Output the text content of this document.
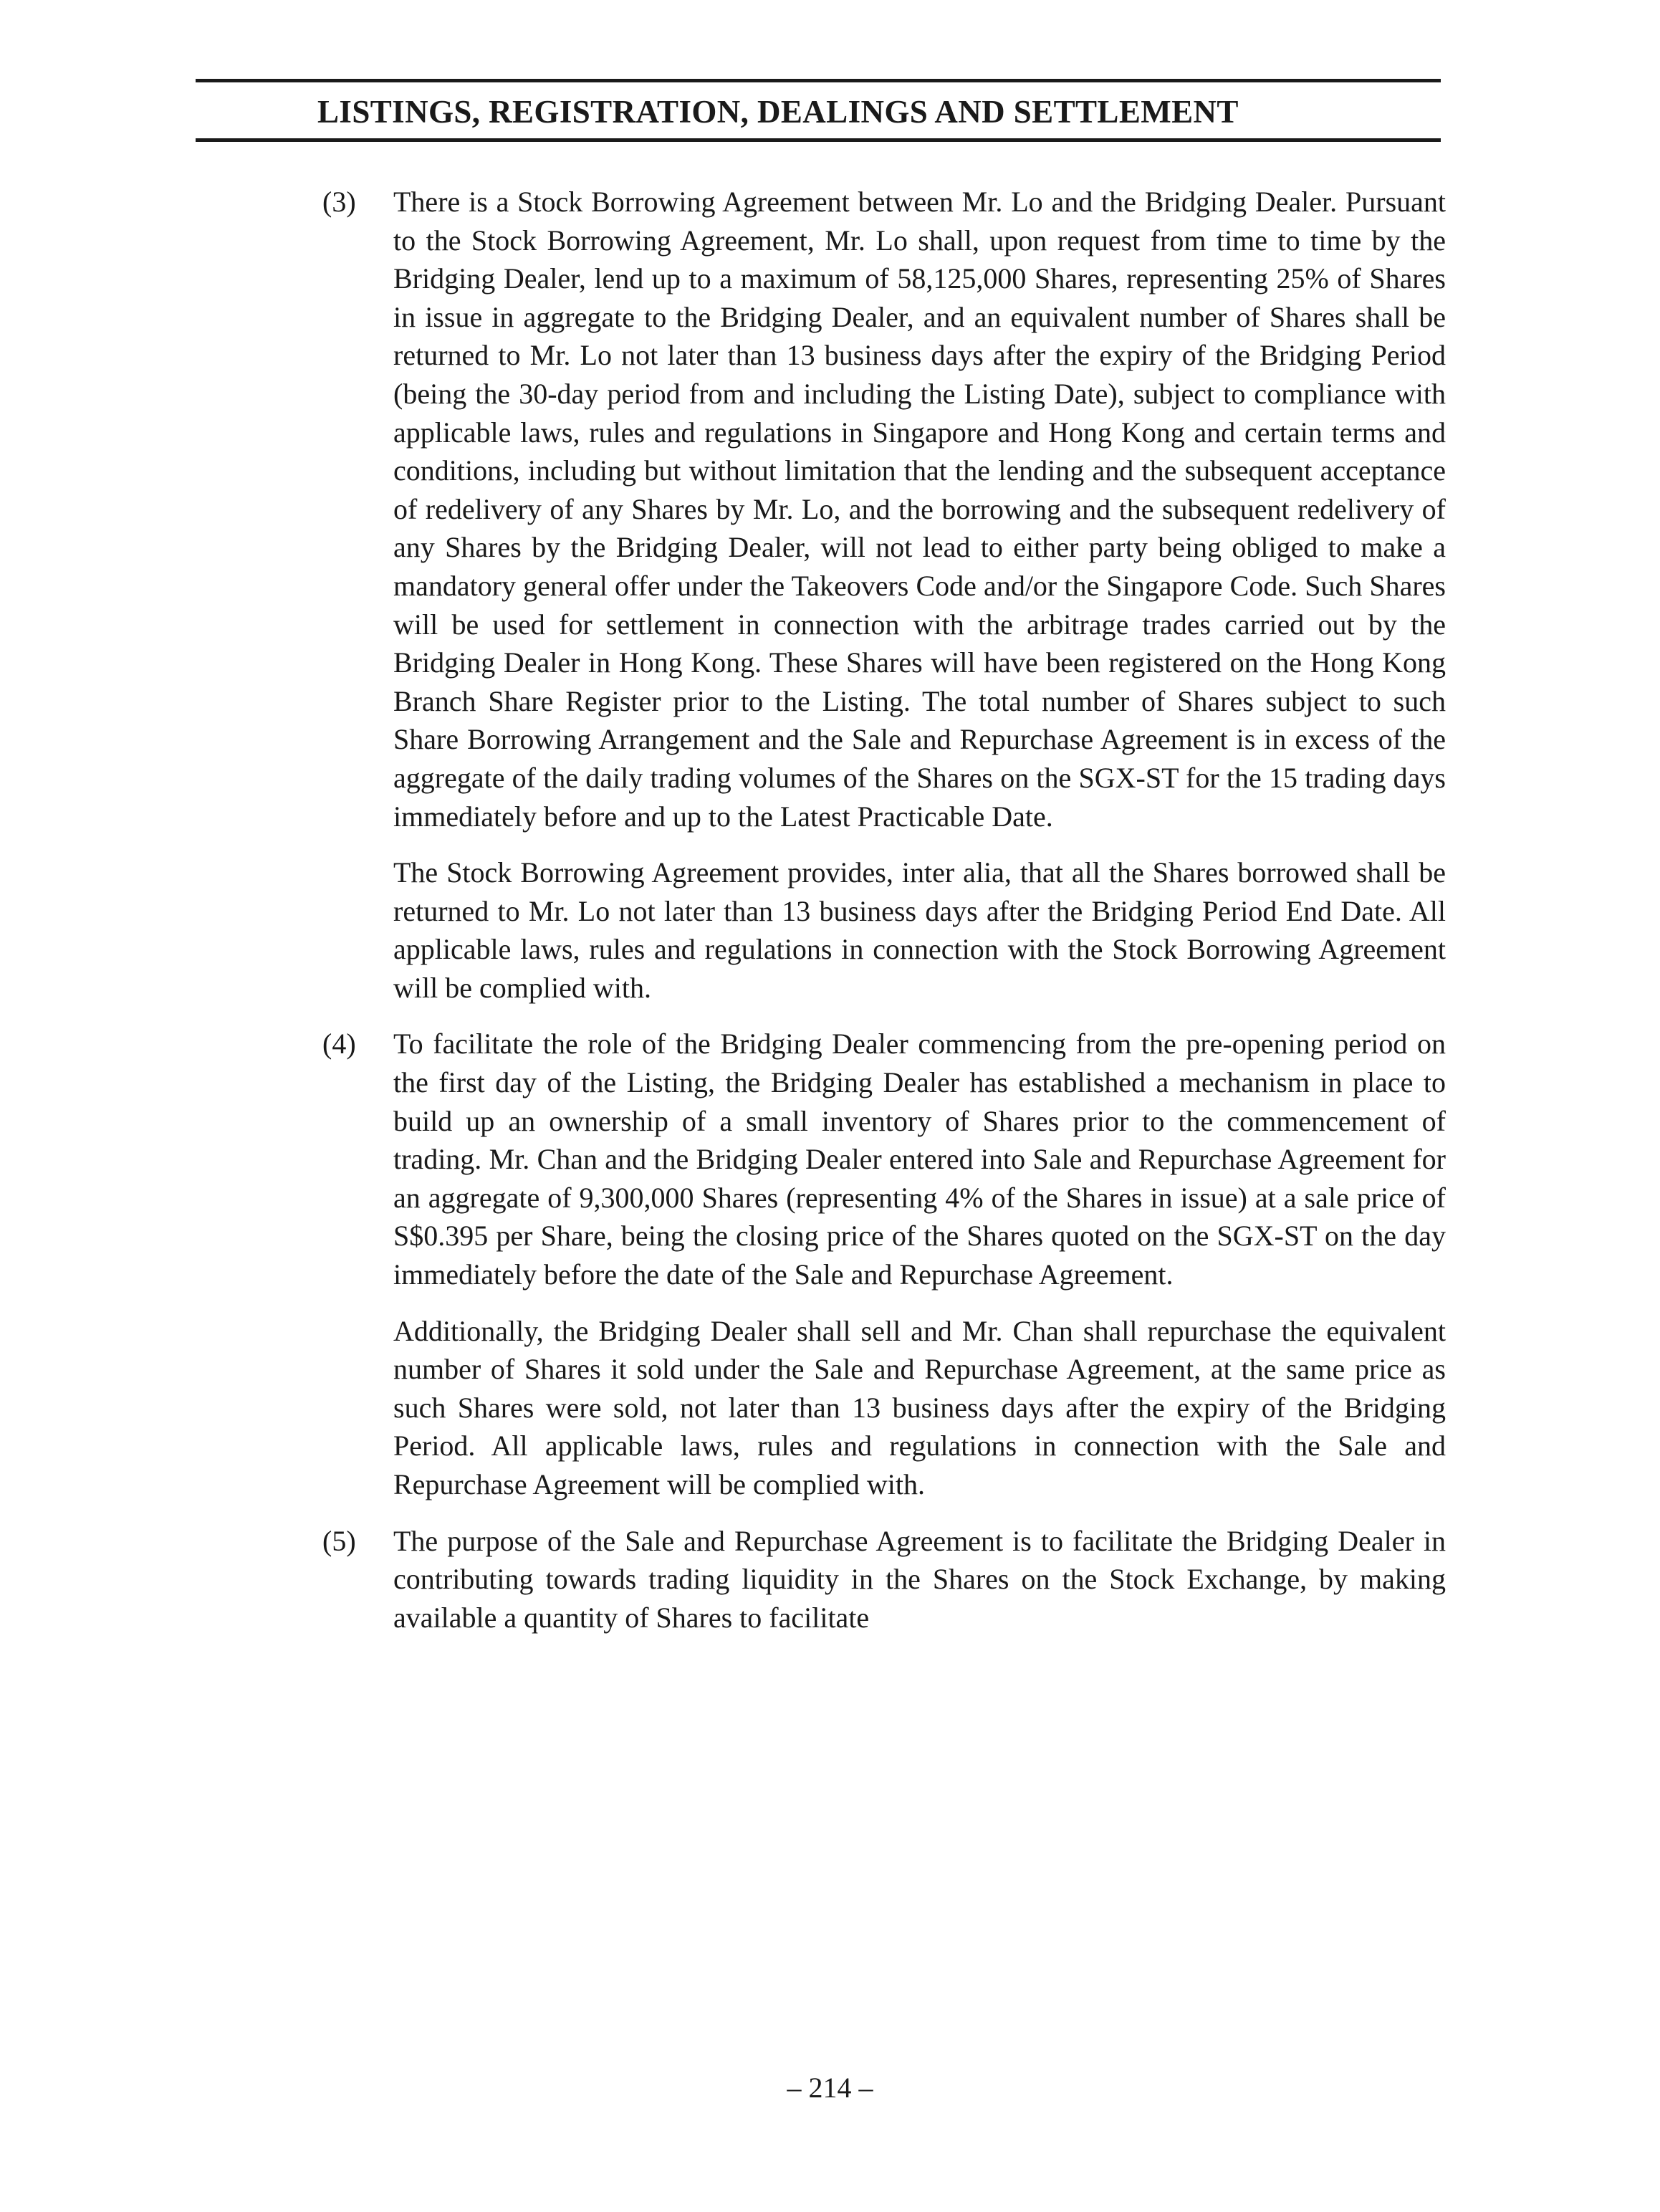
LISTINGS, REGISTRATION, DEALINGS AND SETTLEMENT
(3) There is a Stock Borrowing Agreement between Mr. Lo and the Bridging Dealer. Pursuant to the Stock Borrowing Agreement, Mr. Lo shall, upon request from time to time by the Bridging Dealer, lend up to a maximum of 58,125,000 Shares, representing 25% of Shares in issue in aggregate to the Bridging Dealer, and an equivalent number of Shares shall be returned to Mr. Lo not later than 13 business days after the expiry of the Bridging Period (being the 30-day period from and including the Listing Date), subject to compliance with applicable laws, rules and regulations in Singapore and Hong Kong and certain terms and conditions, including but without limitation that the lending and the subsequent acceptance of redelivery of any Shares by Mr. Lo, and the borrowing and the subsequent redelivery of any Shares by the Bridging Dealer, will not lead to either party being obliged to make a mandatory general offer under the Takeovers Code and/or the Singapore Code. Such Shares will be used for settlement in connection with the arbitrage trades carried out by the Bridging Dealer in Hong Kong. These Shares will have been registered on the Hong Kong Branch Share Register prior to the Listing. The total number of Shares subject to such Share Borrowing Arrangement and the Sale and Repurchase Agreement is in excess of the aggregate of the daily trading volumes of the Shares on the SGX-ST for the 15 trading days immediately before and up to the Latest Practicable Date.

The Stock Borrowing Agreement provides, inter alia, that all the Shares borrowed shall be returned to Mr. Lo not later than 13 business days after the Bridging Period End Date. All applicable laws, rules and regulations in connection with the Stock Borrowing Agreement will be complied with.

(4) To facilitate the role of the Bridging Dealer commencing from the pre-opening period on the first day of the Listing, the Bridging Dealer has established a mechanism in place to build up an ownership of a small inventory of Shares prior to the commencement of trading. Mr. Chan and the Bridging Dealer entered into Sale and Repurchase Agreement for an aggregate of 9,300,000 Shares (representing 4% of the Shares in issue) at a sale price of S$0.395 per Share, being the closing price of the Shares quoted on the SGX-ST on the day immediately before the date of the Sale and Repurchase Agreement.

Additionally, the Bridging Dealer shall sell and Mr. Chan shall repurchase the equivalent number of Shares it sold under the Sale and Repurchase Agreement, at the same price as such Shares were sold, not later than 13 business days after the expiry of the Bridging Period. All applicable laws, rules and regulations in connection with the Sale and Repurchase Agreement will be complied with.

(5) The purpose of the Sale and Repurchase Agreement is to facilitate the Bridging Dealer in contributing towards trading liquidity in the Shares on the Stock Exchange, by making available a quantity of Shares to facilitate

– 214 –
